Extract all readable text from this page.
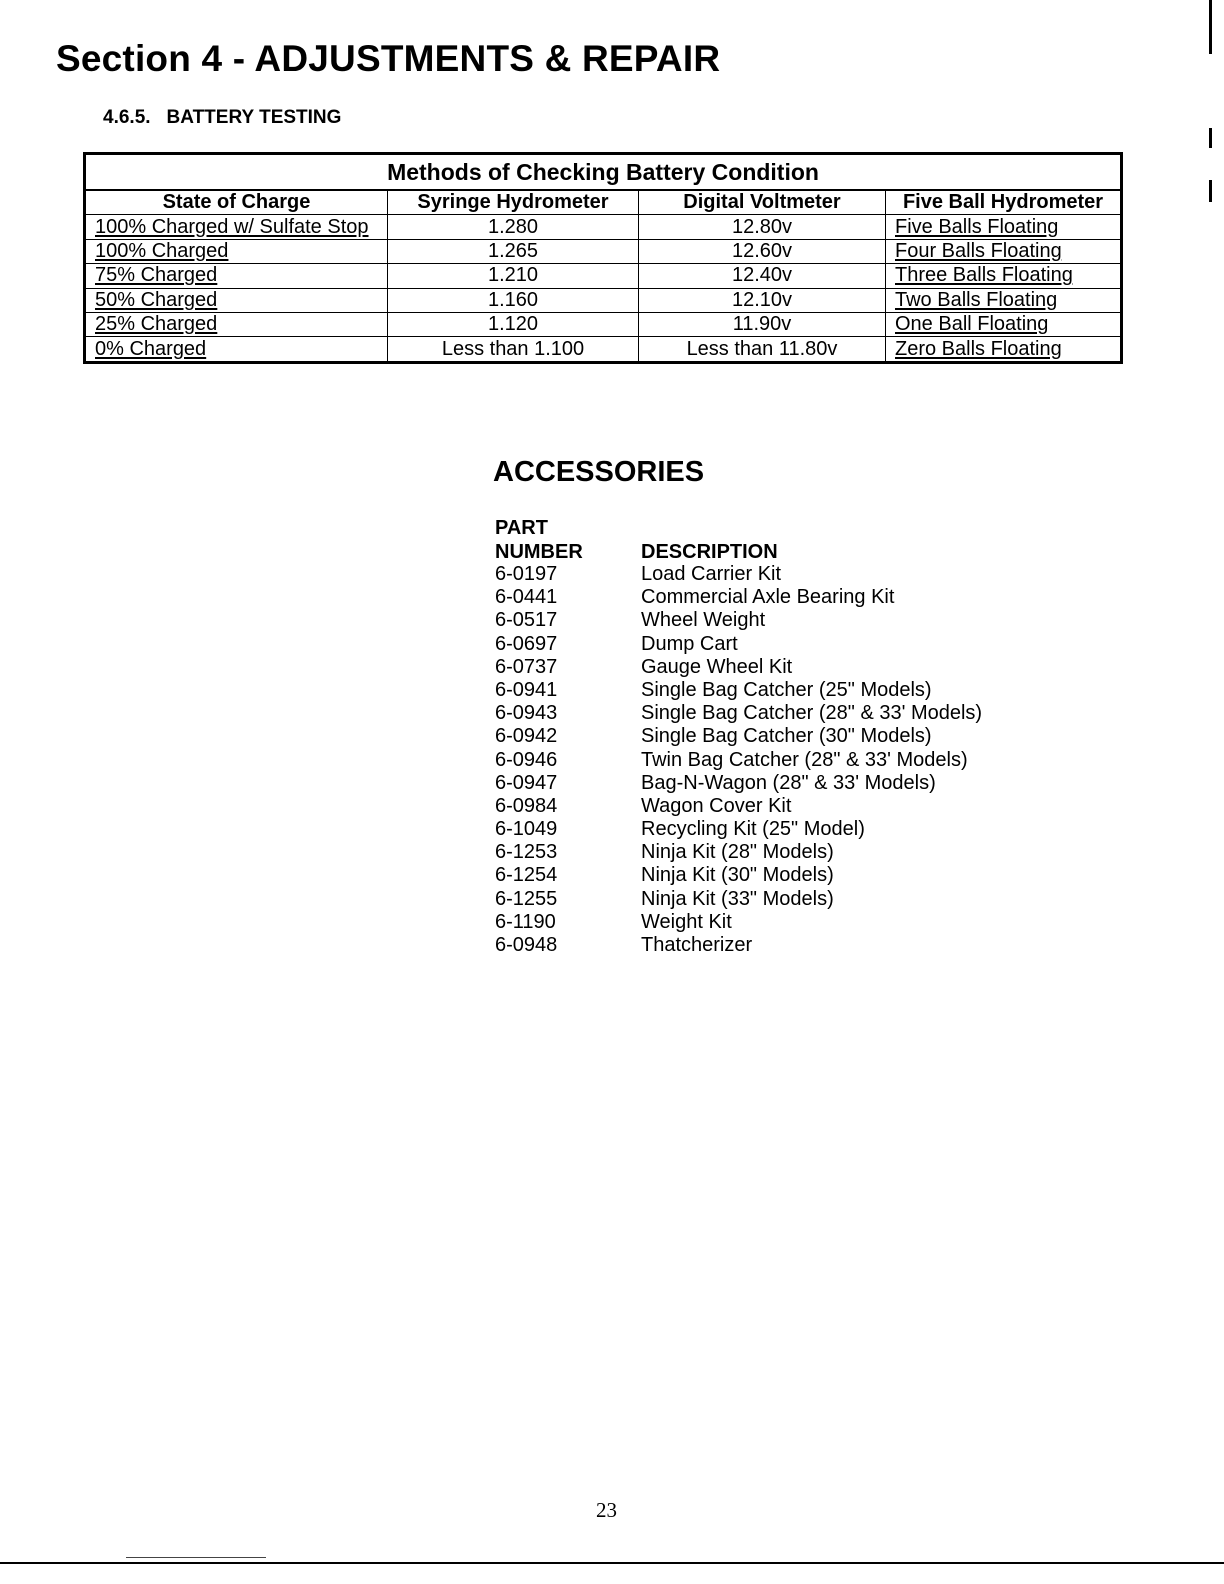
Section 4 - ADJUSTMENTS & REPAIR
4.6.5. BATTERY TESTING
Methods of Checking Battery Condition			
State of Charge	Syringe Hydrometer	Digital Voltmeter	Five Ball Hydrometer
100% Charged w/ Sulfate Stop	1.280	12.80v	Five Balls Floating
100% Charged	1.265	12.60v	Four Balls Floating
75% Charged	1.210	12.40v	Three Balls Floating
50% Charged	1.160	12.10v	Two Balls Floating
25% Charged	1.120	11.90v	One Ball Floating
0% Charged	Less than 1.100	Less than 11.80v	Zero Balls Floating
ACCESSORIES
PART
NUMBER	DESCRIPTION
6-0197	Load Carrier Kit
6-0441	Commercial Axle Bearing Kit
6-0517	Wheel Weight
6-0697	Dump Cart
6-0737	Gauge Wheel Kit
6-0941	Single Bag Catcher (25" Models)
6-0943	Single Bag Catcher (28" & 33' Models)
6-0942	Single Bag Catcher (30" Models)
6-0946	Twin Bag Catcher (28" & 33' Models)
6-0947	Bag-N-Wagon (28" & 33' Models)
6-0984	Wagon Cover Kit
6-1049	Recycling Kit (25" Model)
6-1253	Ninja Kit (28" Models)
6-1254	Ninja Kit (30" Models)
6-1255	Ninja Kit (33" Models)
6-1190	Weight Kit
6-0948	Thatcherizer
23
